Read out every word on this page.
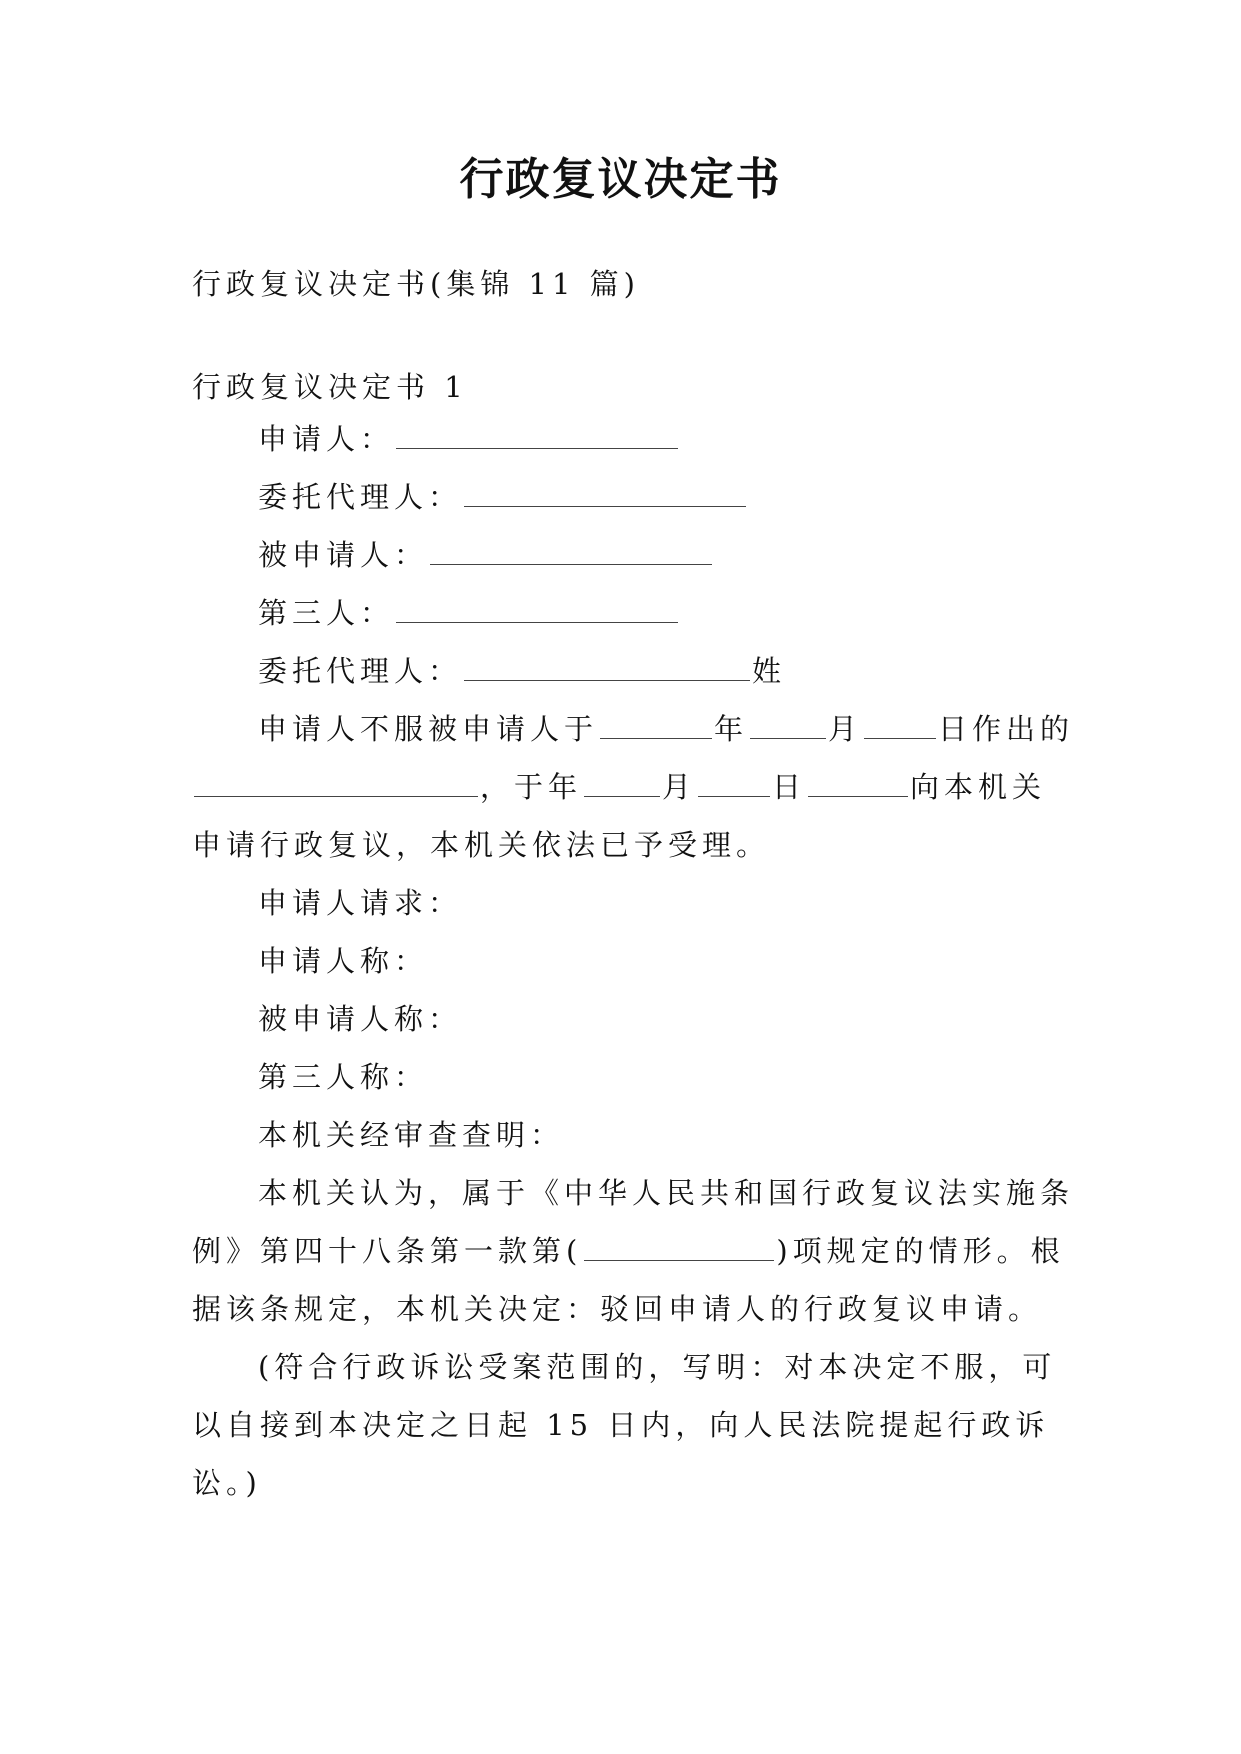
行政复议决定书

行政复议决定书(集锦 11 篇)

行政复议决定书 1

申请人：

委托代理人：

被申请人：

第三人：

委托代理人：	姓

申请人不服被申请人于	年	月	日作出的

，于年	月	日	向本机关

申请行政复议，本机关依法已予受理。

申请人请求：

申请人称：

被申请人称：

第三人称：

本机关经审查查明：

本机关认为，属于《中华人民共和国行政复议法实施条

例》第四十八条第一款第(	)项规定的情形。根

据该条规定，本机关决定：驳回申请人的行政复议申请。

(符合行政诉讼受案范围的，写明：对本决定不服，可

以自接到本决定之日起 15 日内，向人民法院提起行政诉

讼。)
